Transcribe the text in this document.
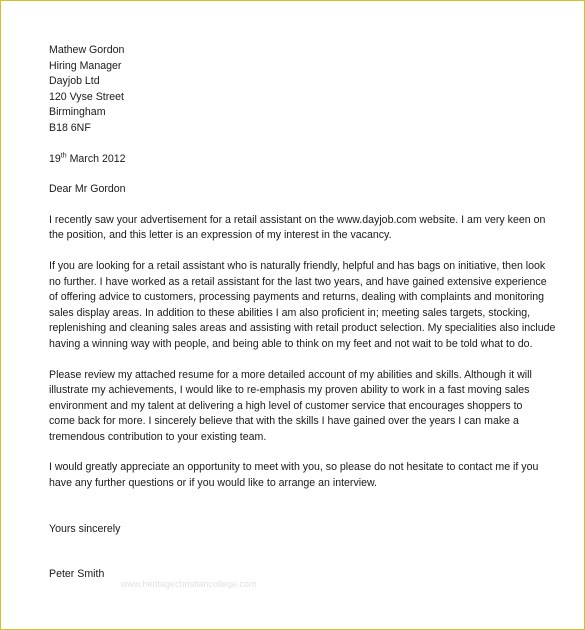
Mathew Gordon
Hiring Manager
Dayjob Ltd
120 Vyse Street
Birmingham
B18 6NF
19th March 2012
Dear Mr Gordon

I recently saw your advertisement for a retail assistant on the www.dayjob.com website. I am very keen on
the position, and this letter is an expression of my interest in the vacancy.

If you are looking for a retail assistant who is naturally friendly, helpful and has bags on initiative, then look
no further. I have worked as a retail assistant for the last two years, and have gained extensive experience
of offering advice to customers, processing payments and returns, dealing with complaints and monitoring
sales display areas. In addition to these abilities I am also proficient in; meeting sales targets, stocking,
replenishing and cleaning sales areas and assisting with retail product selection. My specialities also include
having a winning way with people, and being able to think on my feet and not wait to be told what to do.

Please review my attached resume for a more detailed account of my abilities and skills. Although it will
illustrate my achievements, I would like to re-emphasis my proven ability to work in a fast moving sales
environment and my talent at delivering a high level of customer service that encourages shoppers to
come back for more. I sincerely believe that with the skills I have gained over the years I can make a
tremendous contribution to your existing team.

I would greatly appreciate an opportunity to meet with you, so please do not hesitate to contact me if you
have any further questions or if you would like to arrange an interview.

Yours sincerely
Peter Smith
www.heritagechristiancollege.com
